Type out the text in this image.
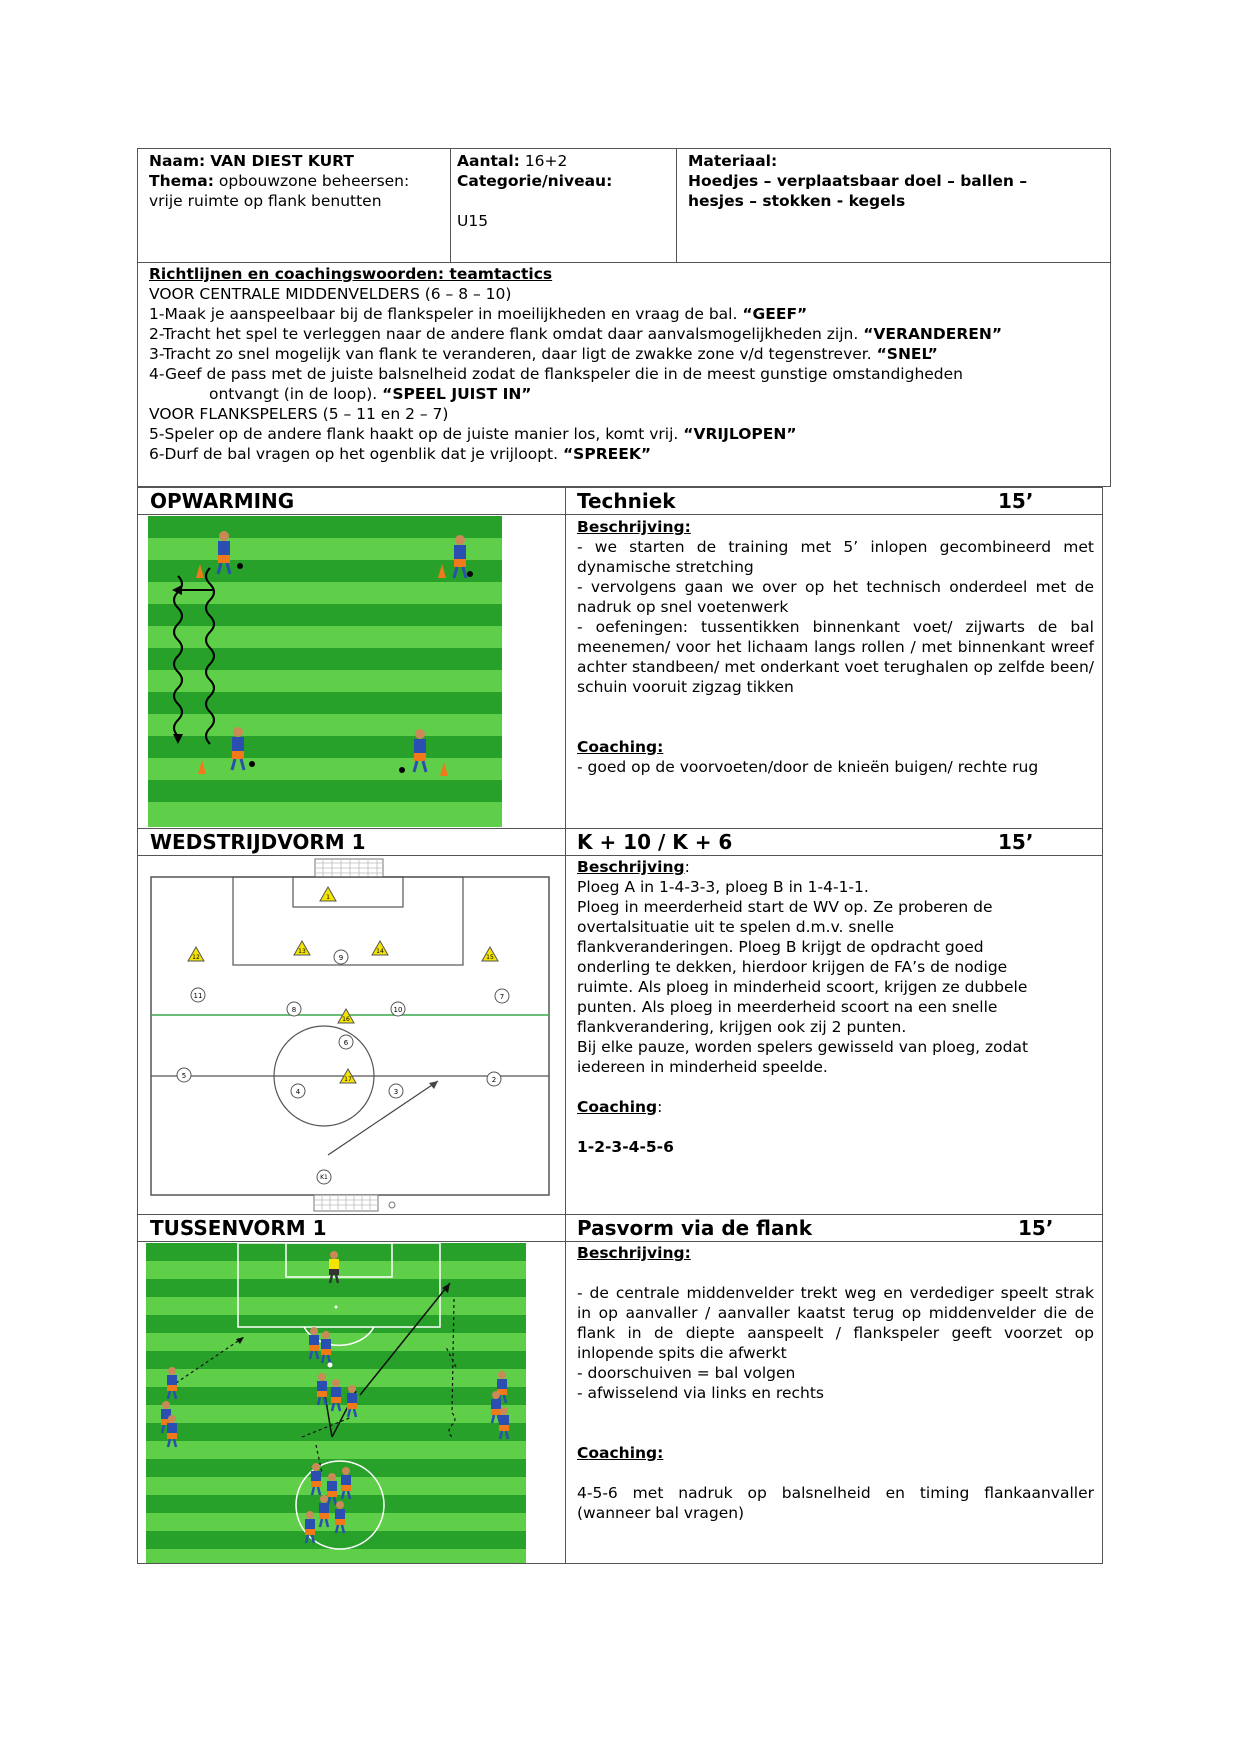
Naam: VAN DIEST KURT
Thema: opbouwzone beheersen:
vrije ruimte op flank benutten
Aantal: 16+2
Categorie/niveau:

U15
Materiaal:
Hoedjes – verplaatsbaar doel – ballen –
hesjes – stokken - kegels

Richtlijnen en coachingswoorden: teamtactics

VOOR CENTRALE MIDDENVELDERS (6 – 8 – 10)

1-Maak je aanspeelbaar bij de flankspeler in moeilijkheden en vraag de bal. “GEEF”

2-Tracht het spel te verleggen naar de andere flank omdat daar aanvalsmogelijkheden zijn. “VERANDEREN”

3-Tracht zo snel mogelijk van flank te veranderen, daar ligt de zwakke zone v/d tegenstrever. “SNEL”

4-Geef de pass met de juiste balsnelheid zodat de flankspeler die in de meest gunstige omstandigheden

ontvangt (in de loop). “SPEEL JUIST IN”

VOOR FLANKSPELERS (5 – 11 en 2 – 7)

5-Speler op de andere flank haakt op de juiste manier los, komt vrij. “VRIJLOPEN”

6-Durf de bal vragen op het ogenblik dat je vrijloopt. “SPREEK”

OPWARMING	Techniek	15’

Beschrijving:

- we starten de training met 5’ inlopen gecombineerd met dynamische stretching

- vervolgens gaan we over op het technisch onderdeel met de nadruk op snel voetenwerk

- oefeningen: tussentikken binnenkant voet/ zijwarts de bal meenemen/ voor het lichaam langs rollen / met binnenkant wreef achter standbeen/ met onderkant voet terughalen op zelfde been/ schuin vooruit zigzag tikken

Coaching:

- goed op de voorvoeten/door de knieën buigen/ rechte rug

WEDSTRIJDVORM 1	K + 10 / K + 6	15’
1
12
13	14
15
16
17
9
11	7
8	10
6
5
4	3
2
K1

Beschrijving:

Ploeg A in 1-4-3-3, ploeg B in 1-4-1-1.

Ploeg in meerderheid start de WV op. Ze proberen de overtalsituatie uit te spelen d.m.v. snelle flankveranderingen. Ploeg B krijgt de opdracht goed onderling te dekken, hierdoor krijgen de FA’s de nodige ruimte. Als ploeg in minderheid scoort, krijgen ze dubbele punten. Als ploeg in meerderheid scoort na een snelle flankverandering, krijgen ook zij 2 punten.

Bij elke pauze, worden spelers gewisseld van ploeg, zodat iedereen in minderheid speelde.

Coaching:

1-2-3-4-5-6

TUSSENVORM 1	Pasvorm via de flank	15’

Beschrijving:

- de centrale middenvelder trekt weg en verdediger speelt strak in op aanvaller / aanvaller kaatst terug op middenvelder die de flank in de diepte aanspeelt / flankspeler geeft voorzet op inlopende spits die afwerkt

- doorschuiven = bal volgen

- afwisselend via links en rechts

Coaching:

4-5-6 met nadruk op balsnelheid en timing flankaanvaller (wanneer bal vragen)
